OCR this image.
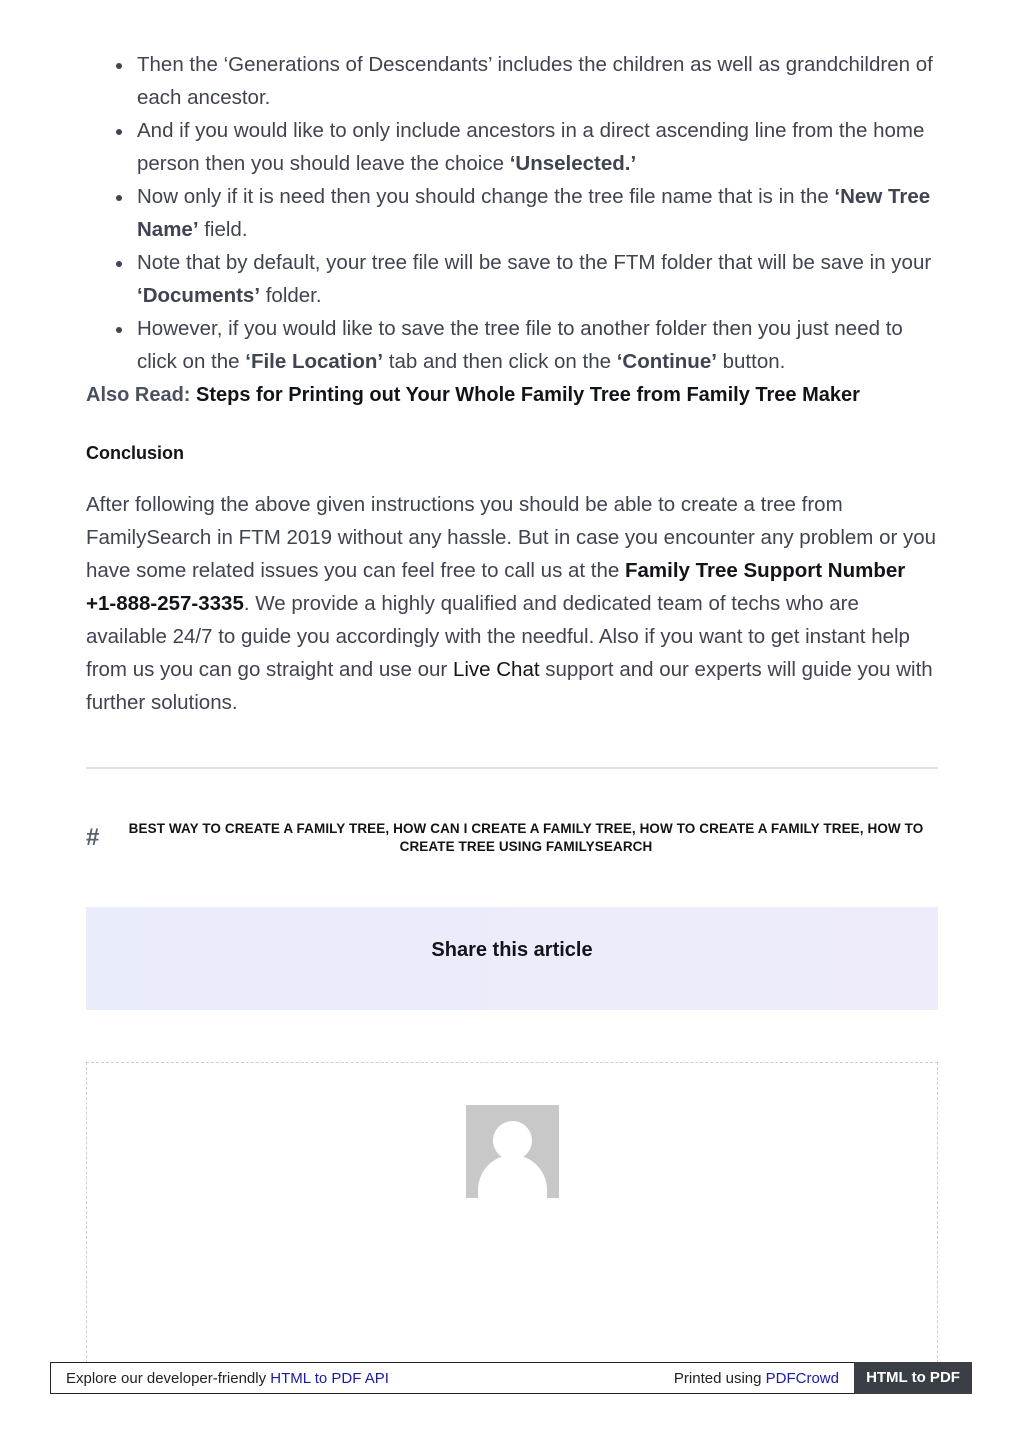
Then the ‘Generations of Descendants’ includes the children as well as grandchildren of each ancestor.
And if you would like to only include ancestors in a direct ascending line from the home person then you should leave the choice ‘Unselected.’
Now only if it is need then you should change the tree file name that is in the ‘New Tree Name’ field.
Note that by default, your tree file will be save to the FTM folder that will be save in your ‘Documents’ folder.
However, if you would like to save the tree file to another folder then you just need to click on the ‘File Location’ tab and then click on the ‘Continue’ button.
Also Read: Steps for Printing out Your Whole Family Tree from Family Tree Maker
Conclusion

After following the above given instructions you should be able to create a tree from FamilySearch in FTM 2019 without any hassle. But in case you encounter any problem or you have some related issues you can feel free to call us at the Family Tree Support Number +1-888-257-3335. We provide a highly qualified and dedicated team of techs who are available 24/7 to guide you accordingly with the needful. Also if you want to get instant help from us you can go straight and use our Live Chat support and our experts will guide you with further solutions.

#	BEST WAY TO CREATE A FAMILY TREE, HOW CAN I CREATE A FAMILY TREE, HOW TO CREATE A FAMILY TREE, HOW TO CREATE TREE USING FAMILYSEARCH
Share this article
Explore our developer-friendly HTML to PDF API	Printed using PDFCrowd	HTML to PDF
